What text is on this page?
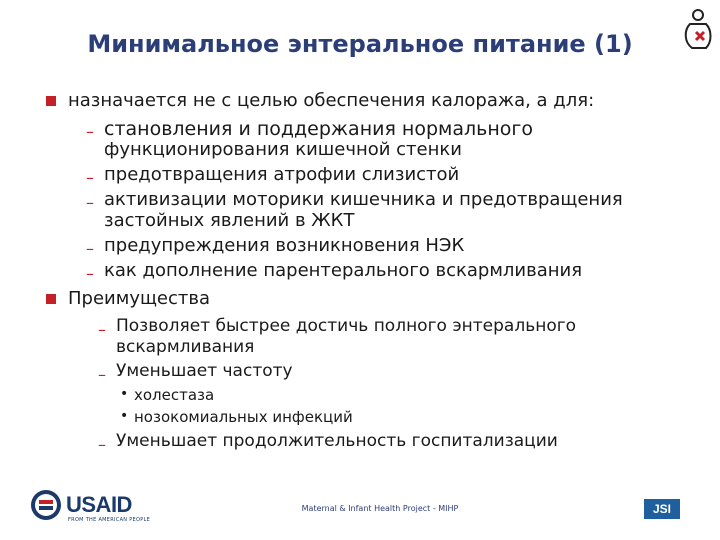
Минимальное энтеральное питание (1)
назначается не с целью обеспечения калоража, а для:
– становления и поддержания нормального
функционирования кишечной стенки
– предотвращения атрофии слизистой
– активизации моторики кишечника и предотвращения
застойных явлений в ЖКТ
– предупреждения возникновения НЭК
– как дополнение парентерального вскармливания
Преимущества
– Позволяет быстрее достичь полного энтерального
вскармливания
– Уменьшает частоту
• холестаза
• нозокомиальных инфекций
– Уменьшает продолжительность госпитализации
USAID
FROM THE AMERICAN PEOPLE
Maternal & Infant Health Project - MIHP	JSI
